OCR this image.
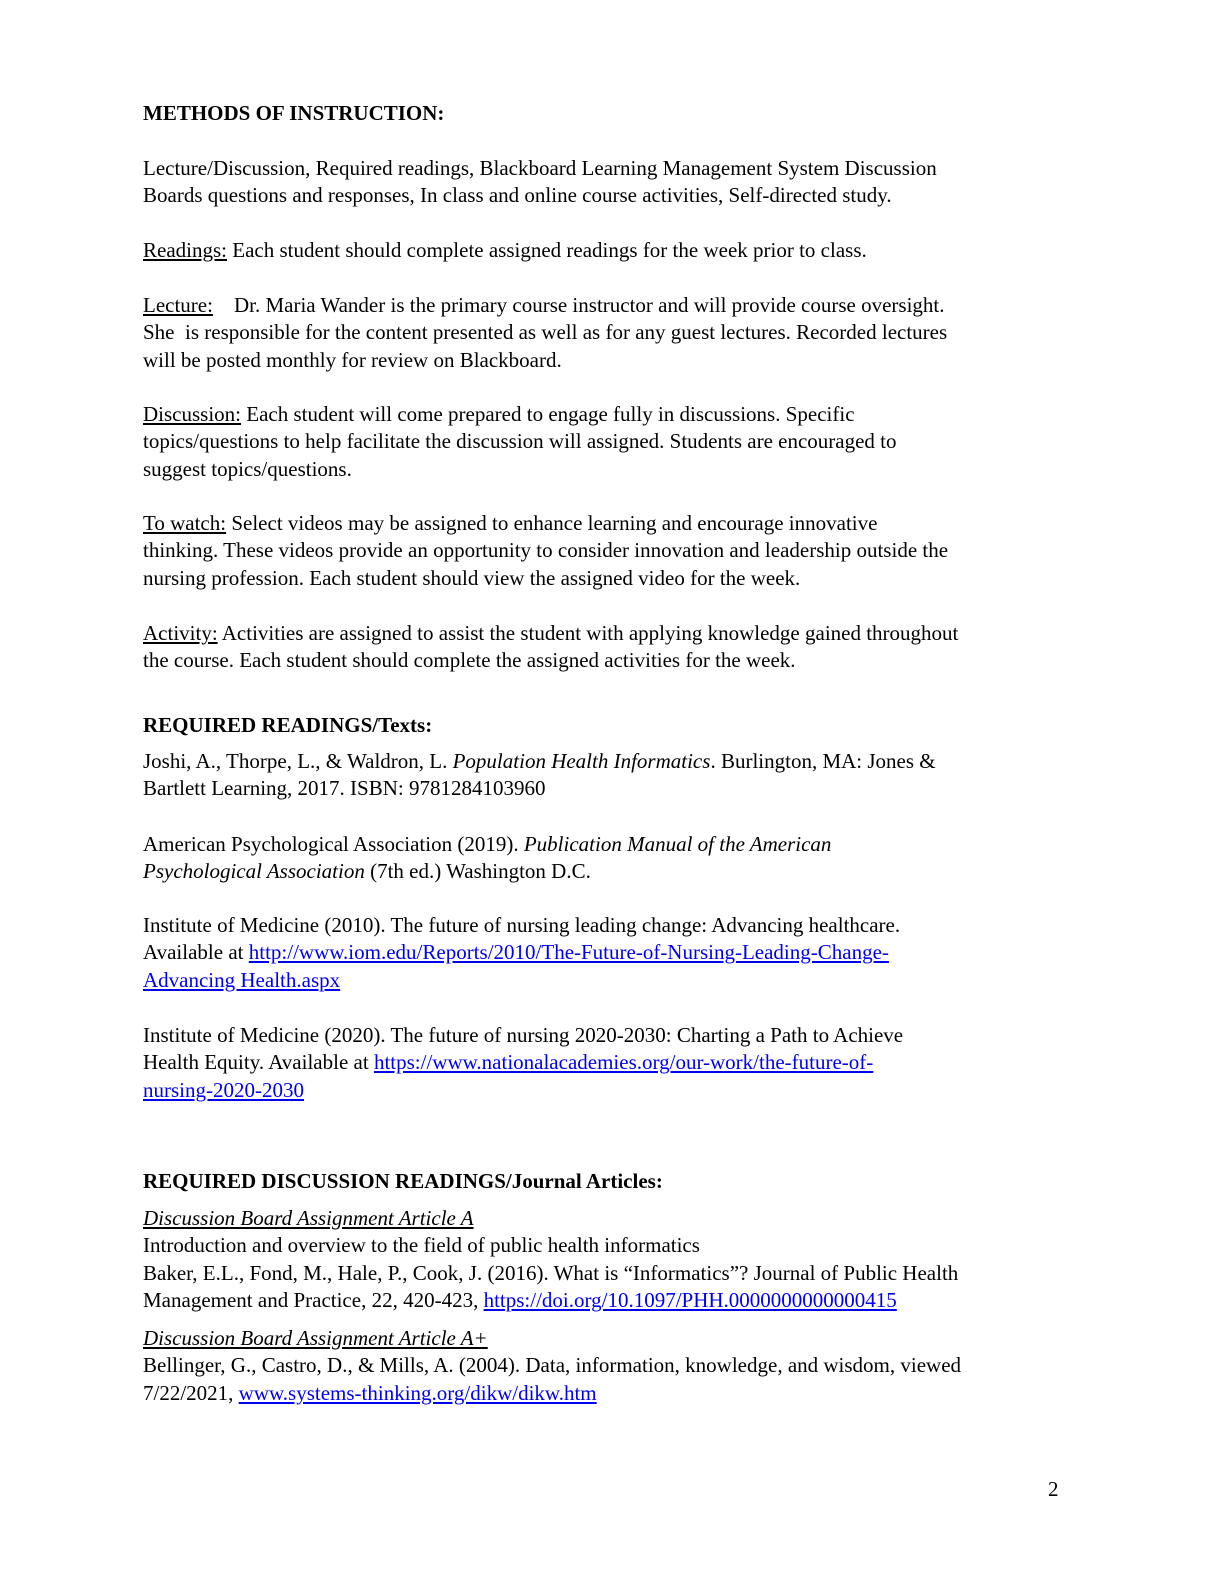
METHODS OF INSTRUCTION:
Lecture/Discussion, Required readings, Blackboard Learning Management System Discussion
Boards questions and responses, In class and online course activities, Self-directed study.
Readings: Each student should complete assigned readings for the week prior to class.
Lecture:    Dr. Maria Wander is the primary course instructor and will provide course oversight.
She  is responsible for the content presented as well as for any guest lectures. Recorded lectures
will be posted monthly for review on Blackboard.
Discussion: Each student will come prepared to engage fully in discussions. Specific
topics/questions to help facilitate the discussion will assigned. Students are encouraged to
suggest topics/questions.
To watch: Select videos may be assigned to enhance learning and encourage innovative
thinking. These videos provide an opportunity to consider innovation and leadership outside the
nursing profession. Each student should view the assigned video for the week.
Activity: Activities are assigned to assist the student with applying knowledge gained throughout
the course. Each student should complete the assigned activities for the week.
REQUIRED READINGS/Texts:
Joshi, A., Thorpe, L., & Waldron, L. Population Health Informatics. Burlington, MA: Jones &
Bartlett Learning, 2017. ISBN: 9781284103960
American Psychological Association (2019). Publication Manual of the American
Psychological Association (7th ed.) Washington D.C.
Institute of Medicine (2010). The future of nursing leading change: Advancing healthcare.
Available at http://www.iom.edu/Reports/2010/The-Future-of-Nursing-Leading-Change-
Advancing Health.aspx
Institute of Medicine (2020). The future of nursing 2020-2030: Charting a Path to Achieve
Health Equity. Available at https://www.nationalacademies.org/our-work/the-future-of-
nursing-2020-2030
REQUIRED DISCUSSION READINGS/Journal Articles:
Discussion Board Assignment Article A
Introduction and overview to the field of public health informatics
Baker, E.L., Fond, M., Hale, P., Cook, J. (2016). What is “Informatics”? Journal of Public Health
Management and Practice, 22, 420-423, https://doi.org/10.1097/PHH.0000000000000415
Discussion Board Assignment Article A+
Bellinger, G., Castro, D., & Mills, A. (2004). Data, information, knowledge, and wisdom, viewed
7/22/2021, www.systems-thinking.org/dikw/dikw.htm
2
